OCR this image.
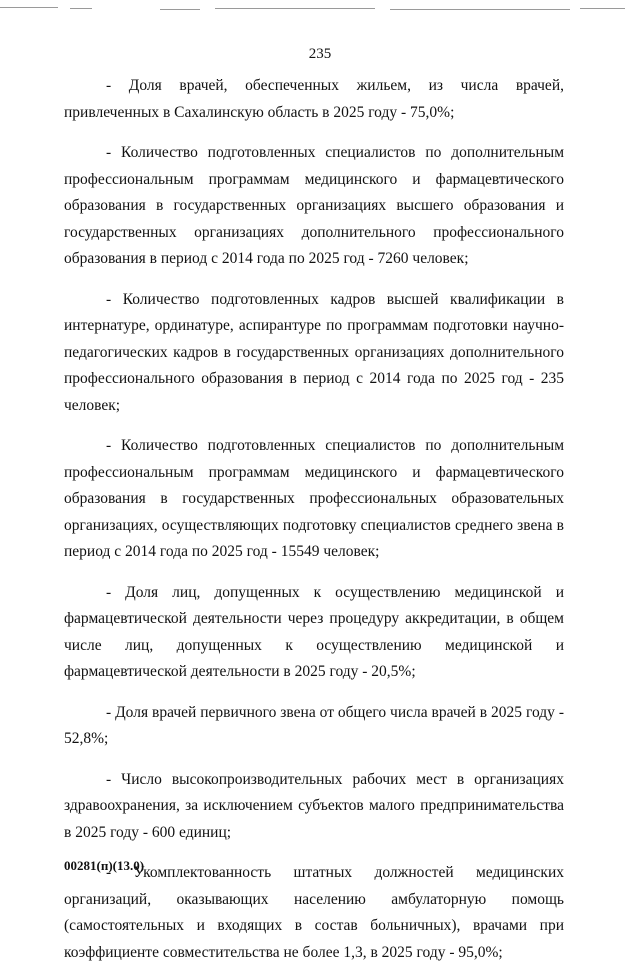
235

- Доля врачей, обеспеченных жильем, из числа врачей, привлеченных в Сахалинскую область в 2025 году - 75,0%;

- Количество подготовленных специалистов по дополнительным профессиональным программам медицинского и фармацевтического образования в государственных организациях высшего образования и государственных организациях дополнительного профессионального образования в период с 2014 года по 2025 год - 7260 человек;

- Количество подготовленных кадров высшей квалификации в интернатуре, ординатуре, аспирантуре по программам подготовки научно-педагогических кадров в государственных организациях дополнительного профессионального образования в период с 2014 года по 2025 год - 235 человек;

- Количество подготовленных специалистов по дополнительным профессиональным программам медицинского и фармацевтического образования в государственных профессиональных образовательных организациях, осуществляющих подготовку специалистов среднего звена в период с 2014 года по 2025 год - 15549 человек;

- Доля лиц, допущенных к осуществлению медицинской и фармацевтической деятельности через процедуру аккредитации, в общем числе лиц, допущенных к осуществлению медицинской и фармацевтической деятельности в 2025 году - 20,5%;

- Доля врачей первичного звена от общего числа врачей в 2025 году - 52,8%;

- Число высокопроизводительных рабочих мест в организациях здравоохранения, за исключением субъектов малого предпринимательства в 2025 году - 600 единиц;

- Укомплектованность штатных должностей медицинских организаций, оказывающих населению амбулаторную помощь (самостоятельных и входящих в состав больничных), врачами при коэффициенте совместительства не более 1,3, в 2025 году - 95,0%;

00281(п)(13.0)
